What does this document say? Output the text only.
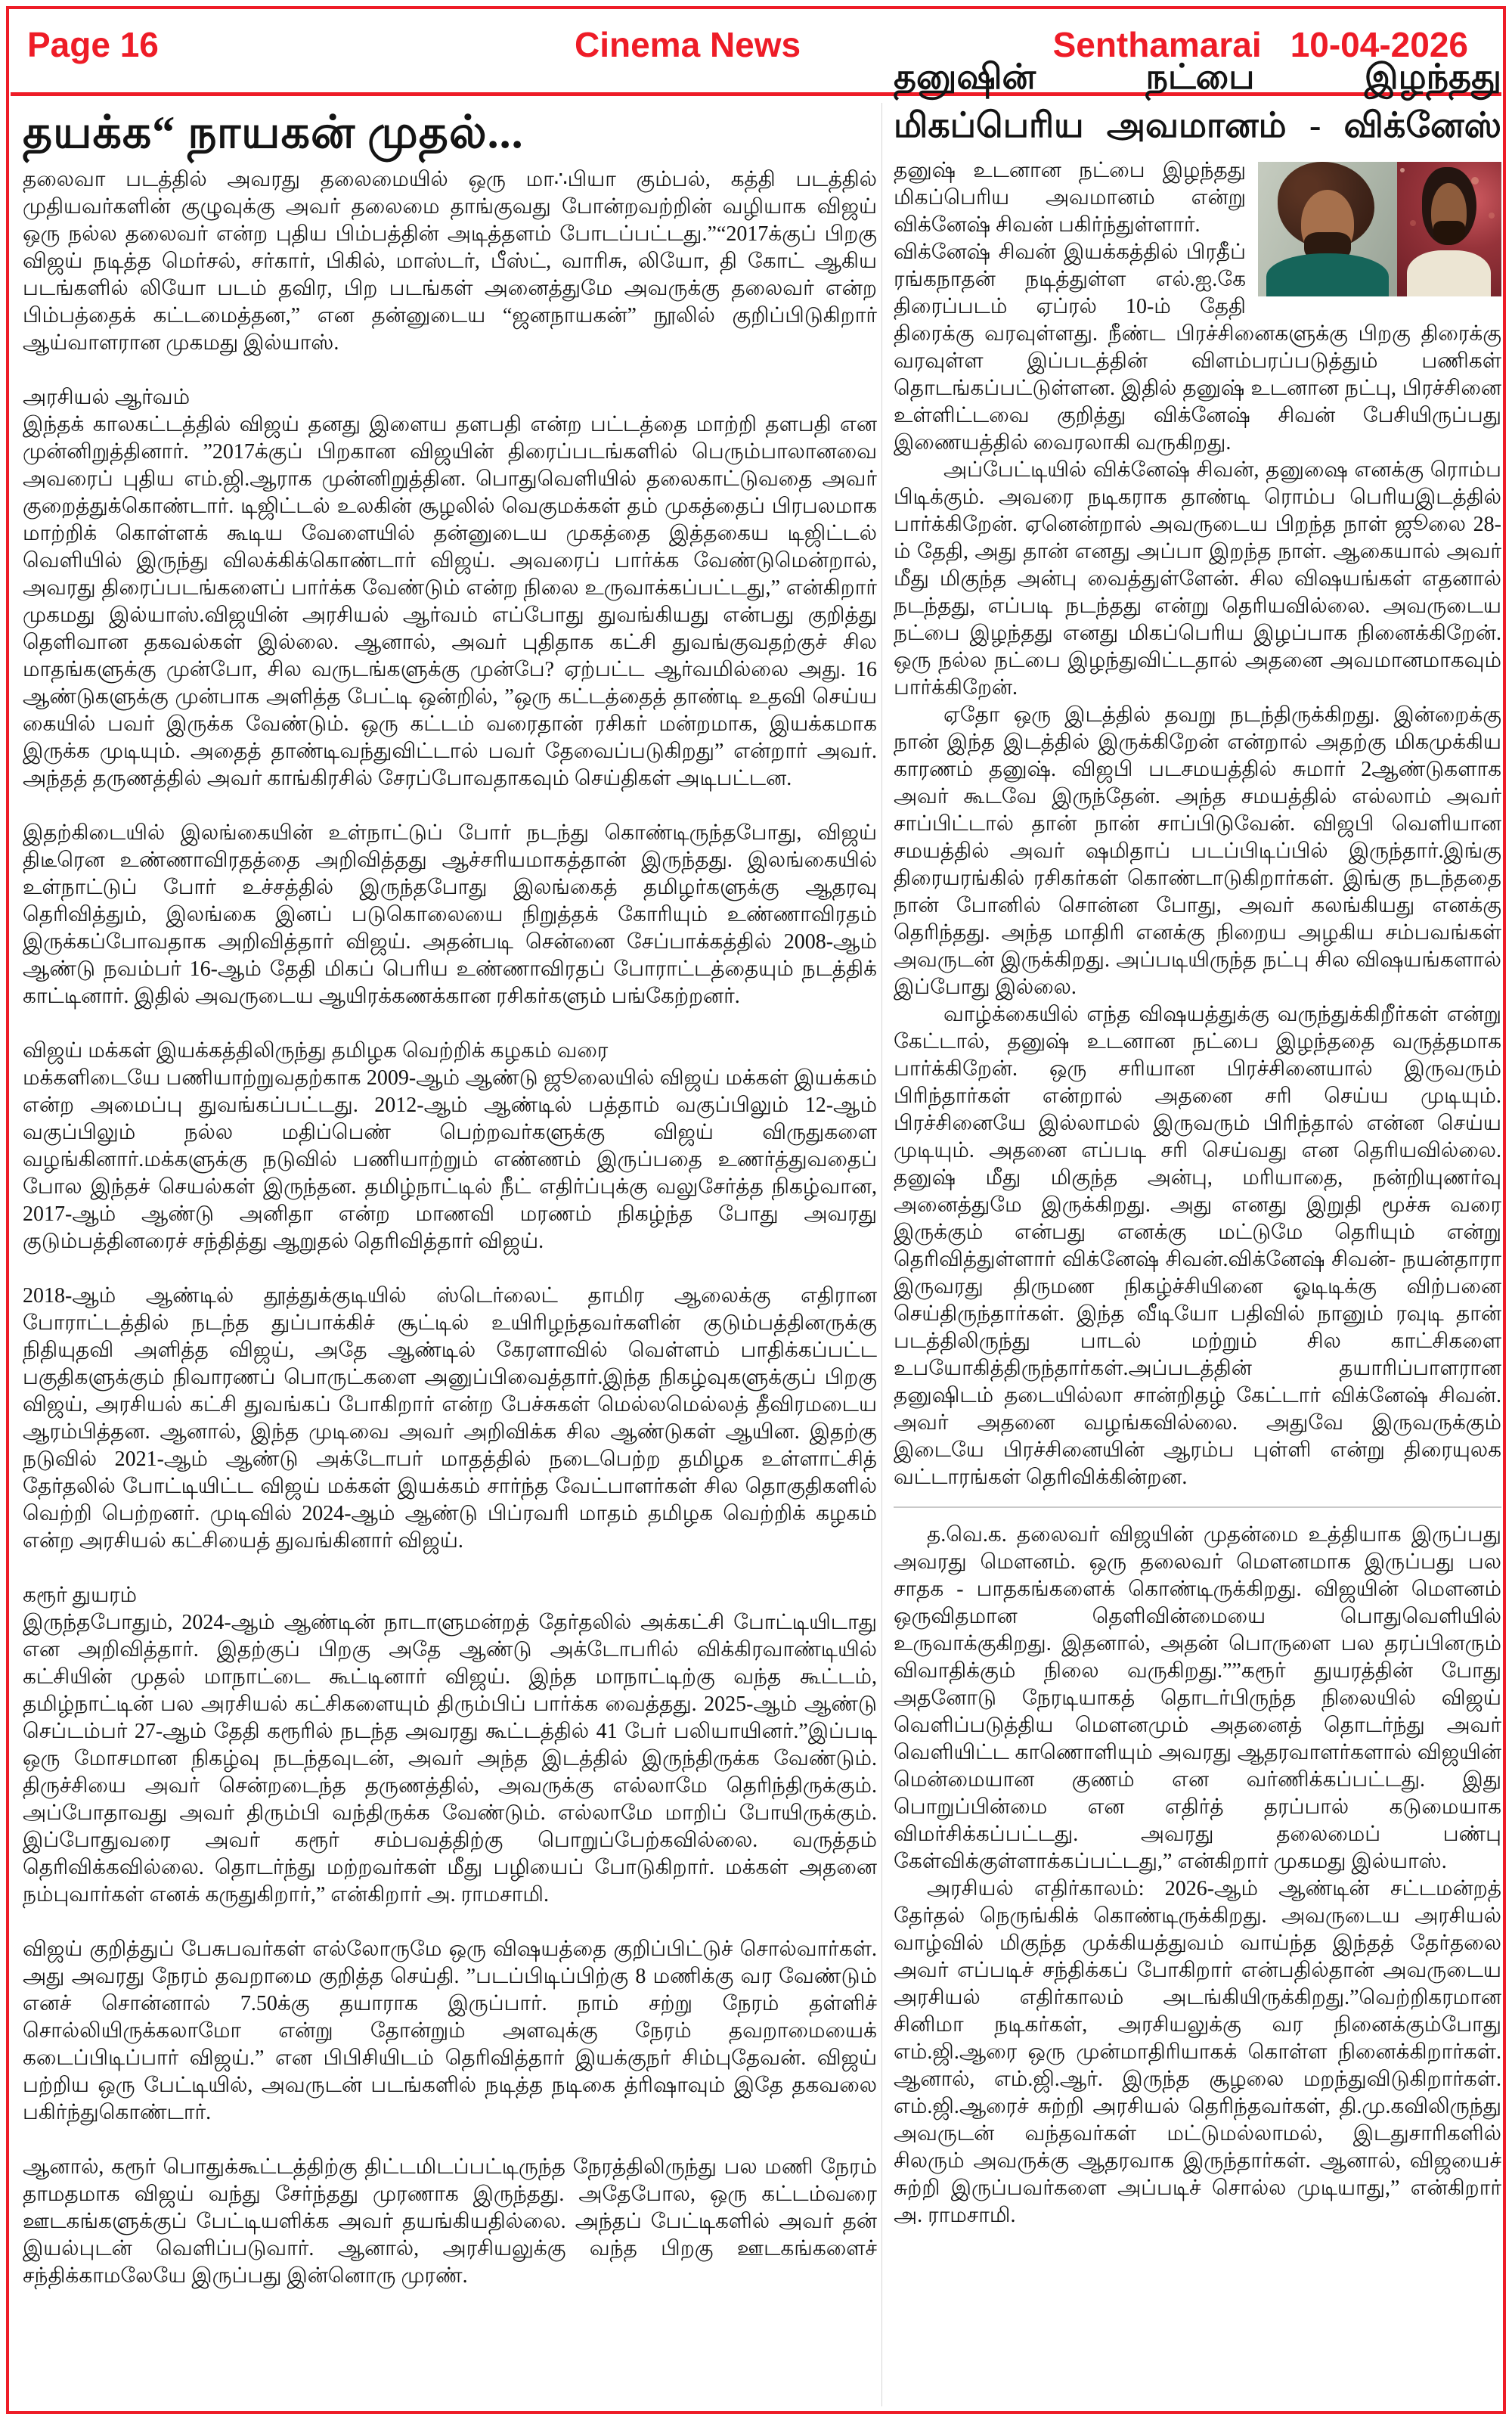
Page 16	Cinema News	Senthamarai 10-04-2026
தயக்க“ நாயகன் முதல்...

தலைவா படத்தில் அவரது தலைமையில் ஒரு மா∴பியா கும்பல், கத்தி படத்தில் முதியவர்களின் குழுவுக்கு அவர் தலைமை தாங்குவது போன்றவற்றின் வழியாக விஜய் ஒரு நல்ல தலைவர் என்ற புதிய பிம்பத்தின் அடித்தளம் போடப்பட்டது.”“2017க்குப் பிறகு விஜய் நடித்த மெர்சல், சர்கார், பிகில், மாஸ்டர், பீஸ்ட், வாரிசு, லியோ, தி கோட் ஆகிய படங்களில் லியோ படம் தவிர, பிற படங்கள் அனைத்துமே அவருக்கு தலைவர் என்ற பிம்பத்தைக் கட்டமைத்தன,” என தன்னுடைய “ஜனநாயகன்” நூலில் குறிப்பிடுகிறார் ஆய்வாளரான முகமது இல்யாஸ்.

அரசியல் ஆர்வம்

இந்தக் காலகட்டத்தில் விஜய் தனது இளைய தளபதி என்ற பட்டத்தை மாற்றி தளபதி என முன்னிறுத்தினார். ”2017க்குப் பிறகான விஜயின் திரைப்படங்களில் பெரும்பாலானவை அவரைப் புதிய எம்.ஜி.ஆராக முன்னிறுத்தின. பொதுவெளியில் தலைகாட்டுவதை அவர் குறைத்துக்கொண்டார். டிஜிட்டல் உலகின் சூழலில் வெகுமக்கள் தம் முகத்தைப் பிரபலமாக மாற்றிக் கொள்ளக் கூடிய வேளையில் தன்னுடைய முகத்தை இத்தகைய டிஜிட்டல் வெளியில் இருந்து விலக்கிக்கொண்டார் விஜய். அவரைப் பார்க்க வேண்டுமென்றால், அவரது திரைப்படங்களைப் பார்க்க வேண்டும் என்ற நிலை உருவாக்கப்பட்டது,” என்கிறார் முகமது இல்யாஸ்.விஜயின் அரசியல் ஆர்வம் எப்போது துவங்கியது என்பது குறித்து தெளிவான தகவல்கள் இல்லை. ஆனால், அவர் புதிதாக கட்சி துவங்குவதற்குச் சில மாதங்களுக்கு முன்போ, சில வருடங்களுக்கு முன்பே? ஏற்பட்ட ஆர்வமில்லை அது. 16 ஆண்டுகளுக்கு முன்பாக அளித்த பேட்டி ஒன்றில், ”ஒரு கட்டத்தைத் தாண்டி உதவி செய்ய கையில் பவர் இருக்க வேண்டும். ஒரு கட்டம் வரைதான் ரசிகர் மன்றமாக, இயக்கமாக இருக்க முடியும். அதைத் தாண்டிவந்துவிட்டால் பவர் தேவைப்படுகிறது” என்றார் அவர். அந்தத் தருணத்தில் அவர் காங்கிரசில் சேரப்போவதாகவும் செய்திகள் அடிபட்டன.

இதற்கிடையில் இலங்கையின் உள்நாட்டுப் போர் நடந்து கொண்டிருந்தபோது, விஜய் திடீரென உண்ணாவிரதத்தை அறிவித்தது ஆச்சரியமாகத்தான் இருந்தது. இலங்கையில் உள்நாட்டுப் போர் உச்சத்தில் இருந்தபோது இலங்கைத் தமிழர்களுக்கு ஆதரவு தெரிவித்தும், இலங்கை இனப் படுகொலையை நிறுத்தக் கோரியும் உண்ணாவிரதம் இருக்கப்போவதாக அறிவித்தார் விஜய். அதன்படி சென்னை சேப்பாக்கத்தில் 2008-ஆம் ஆண்டு நவம்பர் 16-ஆம் தேதி மிகப் பெரிய உண்ணாவிரதப் போராட்டத்தையும் நடத்திக் காட்டினார். இதில் அவருடைய ஆயிரக்கணக்கான ரசிகர்களும் பங்கேற்றனர்.

விஜய் மக்கள் இயக்கத்திலிருந்து தமிழக வெற்றிக் கழகம் வரை

மக்களிடையே பணியாற்றுவதற்காக 2009-ஆம் ஆண்டு ஜூலையில் விஜய் மக்கள் இயக்கம் என்ற அமைப்பு துவங்கப்பட்டது. 2012-ஆம் ஆண்டில் பத்தாம் வகுப்பிலும் 12-ஆம் வகுப்பிலும் நல்ல மதிப்பெண் பெற்றவர்களுக்கு விஜய் விருதுகளை வழங்கினார்.மக்களுக்கு நடுவில் பணியாற்றும் எண்ணம் இருப்பதை உணர்த்துவதைப் போல இந்தச் செயல்கள் இருந்தன. தமிழ்நாட்டில் நீட் எதிர்ப்புக்கு வலுசேர்த்த நிகழ்வான, 2017-ஆம் ஆண்டு அனிதா என்ற மாணவி மரணம் நிகழ்ந்த போது அவரது குடும்பத்தினரைச் சந்தித்து ஆறுதல் தெரிவித்தார் விஜய்.

2018-ஆம் ஆண்டில் தூத்துக்குடியில் ஸ்டெர்லைட் தாமிர ஆலைக்கு எதிரான போராட்டத்தில் நடந்த துப்பாக்கிச் சூட்டில் உயிரிழந்தவர்களின் குடும்பத்தினருக்கு நிதியுதவி அளித்த விஜய், அதே ஆண்டில் கேரளாவில் வெள்ளம் பாதிக்கப்பட்ட பகுதிகளுக்கும் நிவாரணப் பொருட்களை அனுப்பிவைத்தார்.இந்த நிகழ்வுகளுக்குப் பிறகு விஜய், அரசியல் கட்சி துவங்கப் போகிறார் என்ற பேச்சுகள் மெல்லமெல்லத் தீவிரமடைய ஆரம்பித்தன. ஆனால், இந்த முடிவை அவர் அறிவிக்க சில ஆண்டுகள் ஆயின. இதற்கு நடுவில் 2021-ஆம் ஆண்டு அக்டோபர் மாதத்தில் நடைபெற்ற தமிழக உள்ளாட்சித் தேர்தலில் போட்டியிட்ட விஜய் மக்கள் இயக்கம் சார்ந்த வேட்பாளர்கள் சில தொகுதிகளில் வெற்றி பெற்றனர். முடிவில் 2024-ஆம் ஆண்டு பிப்ரவரி மாதம் தமிழக வெற்றிக் கழகம் என்ற அரசியல் கட்சியைத் துவங்கினார் விஜய்.

கரூர் துயரம்

இருந்தபோதும், 2024-ஆம் ஆண்டின் நாடாளுமன்றத் தேர்தலில் அக்கட்சி போட்டியிடாது என அறிவித்தார். இதற்குப் பிறகு அதே ஆண்டு அக்டோபரில் விக்கிரவாண்டியில் கட்சியின் முதல் மாநாட்டை கூட்டினார் விஜய். இந்த மாநாட்டிற்கு வந்த கூட்டம், தமிழ்நாட்டின் பல அரசியல் கட்சிகளையும் திரும்பிப் பார்க்க வைத்தது. 2025-ஆம் ஆண்டு செப்டம்பர் 27-ஆம் தேதி கரூரில் நடந்த அவரது கூட்டத்தில் 41 பேர் பலியாயினர்.”இப்படி ஒரு மோசமான நிகழ்வு நடந்தவுடன், அவர் அந்த இடத்தில் இருந்திருக்க வேண்டும். திருச்சியை அவர் சென்றடைந்த தருணத்தில், அவருக்கு எல்லாமே தெரிந்திருக்கும். அப்போதாவது அவர் திரும்பி வந்திருக்க வேண்டும். எல்லாமே மாறிப் போயிருக்கும். இப்போதுவரை அவர் கரூர் சம்பவத்திற்கு பொறுப்பேற்கவில்லை. வருத்தம் தெரிவிக்கவில்லை. தொடர்ந்து மற்றவர்கள் மீது பழியைப் போடுகிறார். மக்கள் அதனை நம்புவார்கள் எனக் கருதுகிறார்,” என்கிறார் அ. ராமசாமி.

விஜய் குறித்துப் பேசுபவர்கள் எல்லோருமே ஒரு விஷயத்தை குறிப்பிட்டுச் சொல்வார்கள். அது அவரது நேரம் தவறாமை குறித்த செய்தி. ”படப்பிடிப்பிற்கு 8 மணிக்கு வர வேண்டும் எனச் சொன்னால் 7.50க்கு தயாராக இருப்பார். நாம் சற்று நேரம் தள்ளிச் சொல்லியிருக்கலாமோ என்று தோன்றும் அளவுக்கு நேரம் தவறாமையைக் கடைப்பிடிப்பார் விஜய்.” என பிபிசியிடம் தெரிவித்தார் இயக்குநர் சிம்புதேவன். விஜய் பற்றிய ஒரு பேட்டியில், அவருடன் படங்களில் நடித்த நடிகை த்ரிஷாவும் இதே தகவலை பகிர்ந்துகொண்டார்.

ஆனால், கரூர் பொதுக்கூட்டத்திற்கு திட்டமிடப்பட்டிருந்த நேரத்திலிருந்து பல மணி நேரம் தாமதமாக விஜய் வந்து சேர்ந்தது முரணாக இருந்தது. அதேபோல, ஒரு கட்டம்வரை ஊடகங்களுக்குப் பேட்டியளிக்க அவர் தயங்கியதில்லை. அந்தப் பேட்டிகளில் அவர் தன் இயல்புடன் வெளிப்படுவார். ஆனால், அரசியலுக்கு வந்த பிறகு ஊடகங்களைச் சந்திக்காமலேயே இருப்பது இன்னொரு முரண்.

தனுஷின் நட்பை இழந்தது
மிகப்பெரிய அவமானம் - விக்னேஸ்

தனுஷ் உடனான நட்பை இழந்தது மிகப்பெரிய அவமானம் என்று விக்னேஷ் சிவன் பகிர்ந்துள்ளார்.

விக்னேஷ் சிவன் இயக்கத்தில் பிரதீப் ரங்கநாதன் நடித்துள்ள எல்.ஐ.கே திரைப்படம் ஏப்ரல் 10-ம் தேதி திரைக்கு வரவுள்ளது. நீண்ட பிரச்சினைகளுக்கு பிறகு திரைக்கு வரவுள்ள இப்படத்தின் விளம்பரப்படுத்தும் பணிகள் தொடங்கப்பட்டுள்ளன. இதில் தனுஷ் உடனான நட்பு, பிரச்சினை உள்ளிட்டவை குறித்து விக்னேஷ் சிவன் பேசியிருப்பது இணையத்தில் வைரலாகி வருகிறது.

அப்பேட்டியில் விக்னேஷ் சிவன், தனுஷை எனக்கு ரொம்ப பிடிக்கும். அவரை நடிகராக தாண்டி ரொம்ப பெரியஇடத்தில் பார்க்கிறேன். ஏனென்றால் அவருடைய பிறந்த நாள் ஜூலை 28-ம் தேதி, அது தான் எனது அப்பா இறந்த நாள். ஆகையால் அவர் மீது மிகுந்த அன்பு வைத்துள்ளேன். சில விஷயங்கள் எதனால் நடந்தது, எப்படி நடந்தது என்று தெரியவில்லை. அவருடைய நட்பை இழந்தது எனது மிகப்பெரிய இழப்பாக நினைக்கிறேன். ஒரு நல்ல நட்பை இழந்துவிட்டதால் அதனை அவமானமாகவும் பார்க்கிறேன்.

ஏதோ ஒரு இடத்தில் தவறு நடந்திருக்கிறது. இன்றைக்கு நான் இந்த இடத்தில் இருக்கிறேன் என்றால் அதற்கு மிகமுக்கிய காரணம் தனுஷ். விஜபி படசமயத்தில் சுமார் 2ஆண்டுகளாக அவர் கூடவே இருந்தேன். அந்த சமயத்தில் எல்லாம் அவர் சாப்பிட்டால் தான் நான் சாப்பிடுவேன். விஜபி வெளியான சமயத்தில் அவர் ஷமிதாப் படப்பிடிப்பில் இருந்தார்.இங்கு திரையரங்கில் ரசிகர்கள் கொண்டாடுகிறார்கள். இங்கு நடந்ததை நான் போனில் சொன்ன போது, அவர் கலங்கியது எனக்கு தெரிந்தது. அந்த மாதிரி எனக்கு நிறைய அழகிய சம்பவங்கள் அவருடன் இருக்கிறது. அப்படியிருந்த நட்பு சில விஷயங்களால் இப்போது இல்லை.

வாழ்க்கையில் எந்த விஷயத்துக்கு வருந்துக்கிறீர்கள் என்று கேட்டால், தனுஷ் உடனான நட்பை இழந்ததை வருத்தமாக பார்க்கிறேன். ஒரு சரியான பிரச்சினையால் இருவரும் பிரிந்தார்கள் என்றால் அதனை சரி செய்ய முடியும். பிரச்சினையே இல்லாமல் இருவரும் பிரிந்தால் என்ன செய்ய முடியும். அதனை எப்படி சரி செய்வது என தெரியவில்லை. தனுஷ் மீது மிகுந்த அன்பு, மரியாதை, நன்றியுணர்வு அனைத்துமே இருக்கிறது. அது எனது இறுதி மூச்சு வரை இருக்கும் என்பது எனக்கு மட்டுமே தெரியும் என்று தெரிவித்துள்ளார் விக்னேஷ் சிவன்.விக்னேஷ் சிவன்- நயன்தாரா இருவரது திருமண நிகழ்ச்சியினை ஓடிடிக்கு விற்பனை செய்திருந்தார்கள். இந்த வீடியோ பதிவில் நானும் ரவுடி தான் படத்திலிருந்து பாடல் மற்றும் சில காட்சிகளை உபயோகித்திருந்தார்கள்.அப்படத்தின் தயாரிப்பாளரான தனுஷிடம் தடையில்லா சான்றிதழ் கேட்டார் விக்னேஷ் சிவன். அவர் அதனை வழங்கவில்லை. அதுவே இருவருக்கும் இடையே பிரச்சினையின் ஆரம்ப புள்ளி என்று திரையுலக வட்டாரங்கள் தெரிவிக்கின்றன.

த.வெ.க. தலைவர் விஜயின் முதன்மை உத்தியாக இருப்பது அவரது மெளனம். ஒரு தலைவர் மெளனமாக இருப்பது பல சாதக - பாதகங்களைக் கொண்டிருக்கிறது. விஜயின் மெளனம் ஒருவிதமான தெளிவின்மையை பொதுவெளியில் உருவாக்குகிறது. இதனால், அதன் பொருளை பல தரப்பினரும் விவாதிக்கும் நிலை வருகிறது.””கரூர் துயரத்தின் போது அதனோடு நேரடியாகத் தொடர்பிருந்த நிலையில் விஜய் வெளிப்படுத்திய மெளனமும் அதனைத் தொடர்ந்து அவர் வெளியிட்ட காணொளியும் அவரது ஆதரவாளர்களால் விஜயின் மென்மையான குணம் என வர்ணிக்கப்பட்டது. இது பொறுப்பின்மை என எதிர்த் தரப்பால் கடுமையாக விமர்சிக்கப்பட்டது. அவரது தலைமைப் பண்பு கேள்விக்குள்ளாக்கப்பட்டது,” என்கிறார் முகமது இல்யாஸ்.

அரசியல் எதிர்காலம்: 2026-ஆம் ஆண்டின் சட்டமன்றத் தேர்தல் நெருங்கிக் கொண்டிருக்கிறது. அவருடைய அரசியல் வாழ்வில் மிகுந்த முக்கியத்துவம் வாய்ந்த இந்தத் தேர்தலை அவர் எப்படிச் சந்திக்கப் போகிறார் என்பதில்தான் அவருடைய அரசியல் எதிர்காலம் அடங்கியிருக்கிறது.”வெற்றிகரமான சினிமா நடிகர்கள், அரசியலுக்கு வர நினைக்கும்போது எம்.ஜி.ஆரை ஒரு முன்மாதிரியாகக் கொள்ள நினைக்கிறார்கள். ஆனால், எம்.ஜி.ஆர். இருந்த சூழலை மறந்துவிடுகிறார்கள். எம்.ஜி.ஆரைச் சுற்றி அரசியல் தெரிந்தவர்கள், தி.மு.கவிலிருந்து அவருடன் வந்தவர்கள் மட்டுமல்லாமல், இடதுசாரிகளில் சிலரும் அவருக்கு ஆதரவாக இருந்தார்கள். ஆனால், விஜயைச் சுற்றி இருப்பவர்களை அப்படிச் சொல்ல முடியாது,” என்கிறார் அ. ராமசாமி.
